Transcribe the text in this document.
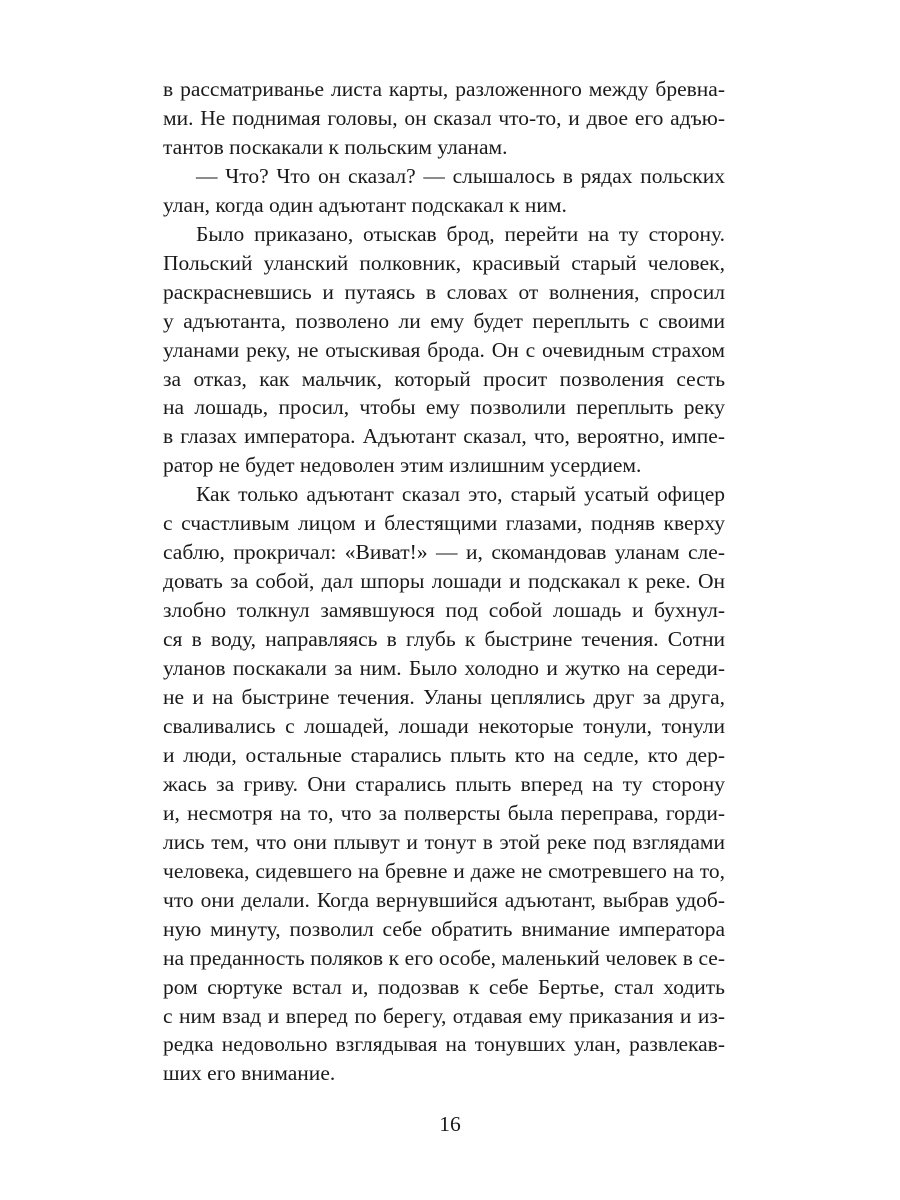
в рассматриванье листа карты, разложенного между бревна-
ми. Не поднимая головы, он сказал что-то, и двое его адъю-
тантов поскакали к польским уланам.
— Что? Что он сказал? — слышалось в рядах польских
улан, когда один адъютант подскакал к ним.
Было приказано, отыскав брод, перейти на ту сторону.
Польский уланский полковник, красивый старый человек,
раскрасневшись и путаясь в словах от волнения, спросил
у адъютанта, позволено ли ему будет переплыть с своими
уланами реку, не отыскивая брода. Он с очевидным страхом
за отказ, как мальчик, который просит позволения сесть
на лошадь, просил, чтобы ему позволили переплыть реку
в глазах императора. Адъютант сказал, что, вероятно, импе-
ратор не будет недоволен этим излишним усердием.
Как только адъютант сказал это, старый усатый офицер
с счастливым лицом и блестящими глазами, подняв кверху
саблю, прокричал: «Виват!» — и, скомандовав уланам сле-
довать за собой, дал шпоры лошади и подскакал к реке. Он
злобно толкнул замявшуюся под собой лошадь и бухнул-
ся в воду, направляясь в глубь к быстрине течения. Сотни
уланов поскакали за ним. Было холодно и жутко на середи-
не и на быстрине течения. Уланы цеплялись друг за друга,
сваливались с лошадей, лошади некоторые тонули, тонули
и люди, остальные старались плыть кто на седле, кто дер-
жась за гриву. Они старались плыть вперед на ту сторону
и, несмотря на то, что за полверсты была переправа, горди-
лись тем, что они плывут и тонут в этой реке под взглядами
человека, сидевшего на бревне и даже не смотревшего на то,
что они делали. Когда вернувшийся адъютант, выбрав удоб-
ную минуту, позволил себе обратить внимание императора
на преданность поляков к его особе, маленький человек в се-
ром сюртуке встал и, подозвав к себе Бертье, стал ходить
с ним взад и вперед по берегу, отдавая ему приказания и из-
редка недовольно взглядывая на тонувших улан, развлекав-
ших его внимание.
16
